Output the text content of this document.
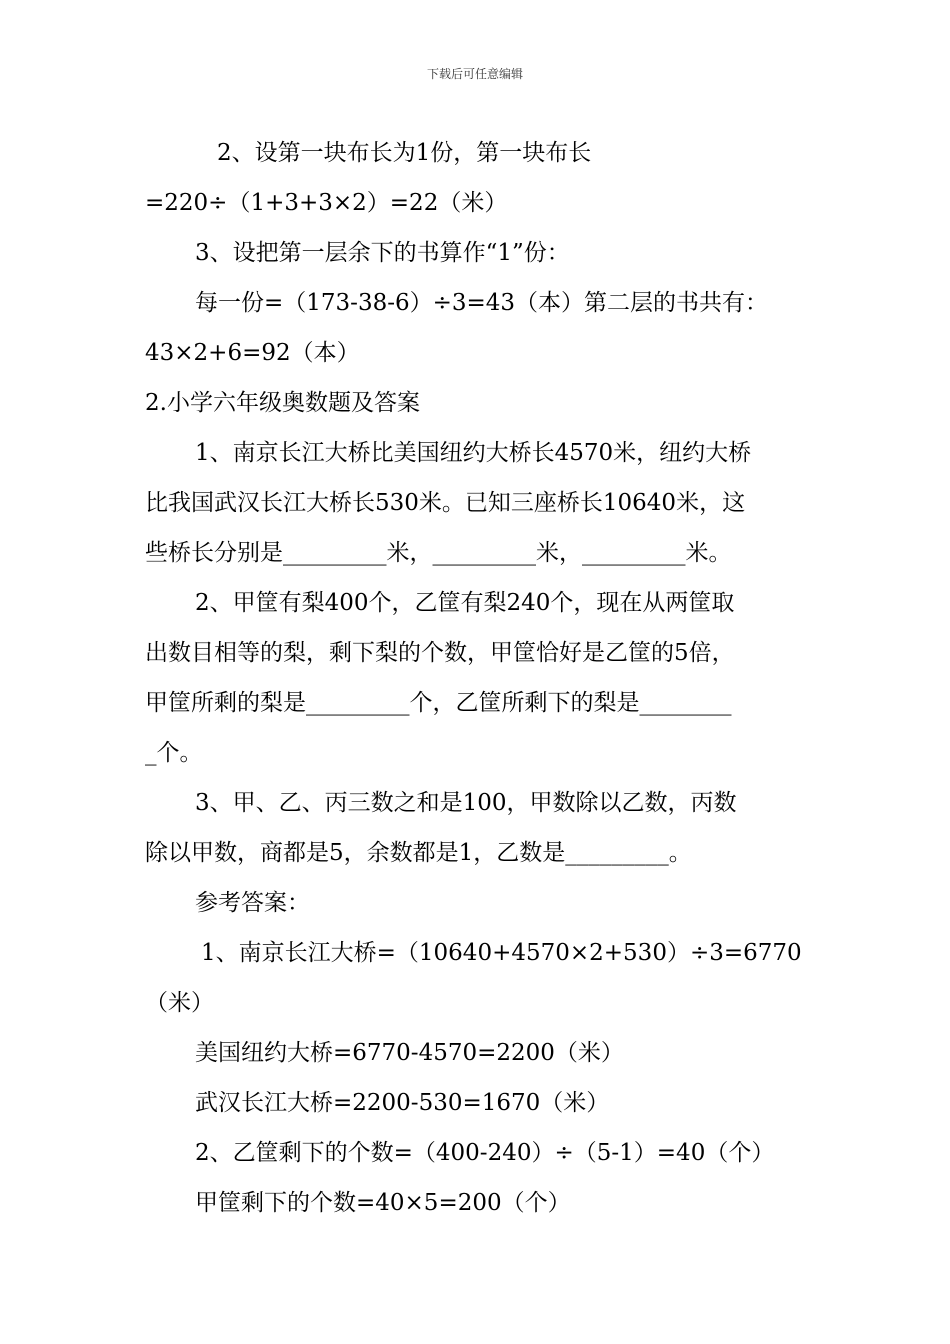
下载后可任意编辑
2、设第一块布长为1份，第一块布长
=220÷（1+3+3×2）=22（米）
3、设把第一层余下的书算作“1”份：
每一份=（173-38-6）÷3=43（本）第二层的书共有：
43×2+6=92（本）
2.小学六年级奥数题及答案
1、南京长江大桥比美国纽约大桥长4570米，纽约大桥
比我国武汉长江大桥长530米。已知三座桥长10640米，这
些桥长分别是_________米，_________米，_________米。
2、甲筐有梨400个，乙筐有梨240个，现在从两筐取
出数目相等的梨，剩下梨的个数，甲筐恰好是乙筐的5倍，
甲筐所剩的梨是_________个，乙筐所剩下的梨是________
_个。
3、甲、乙、丙三数之和是100，甲数除以乙数，丙数
除以甲数，商都是5，余数都是1，乙数是_________。
参考答案：
1、南京长江大桥=（10640+4570×2+530）÷3=6770
（米）
美国纽约大桥=6770-4570=2200（米）
武汉长江大桥=2200-530=1670（米）
2、乙筐剩下的个数=（400-240）÷（5-1）=40（个）
甲筐剩下的个数=40×5=200（个）
